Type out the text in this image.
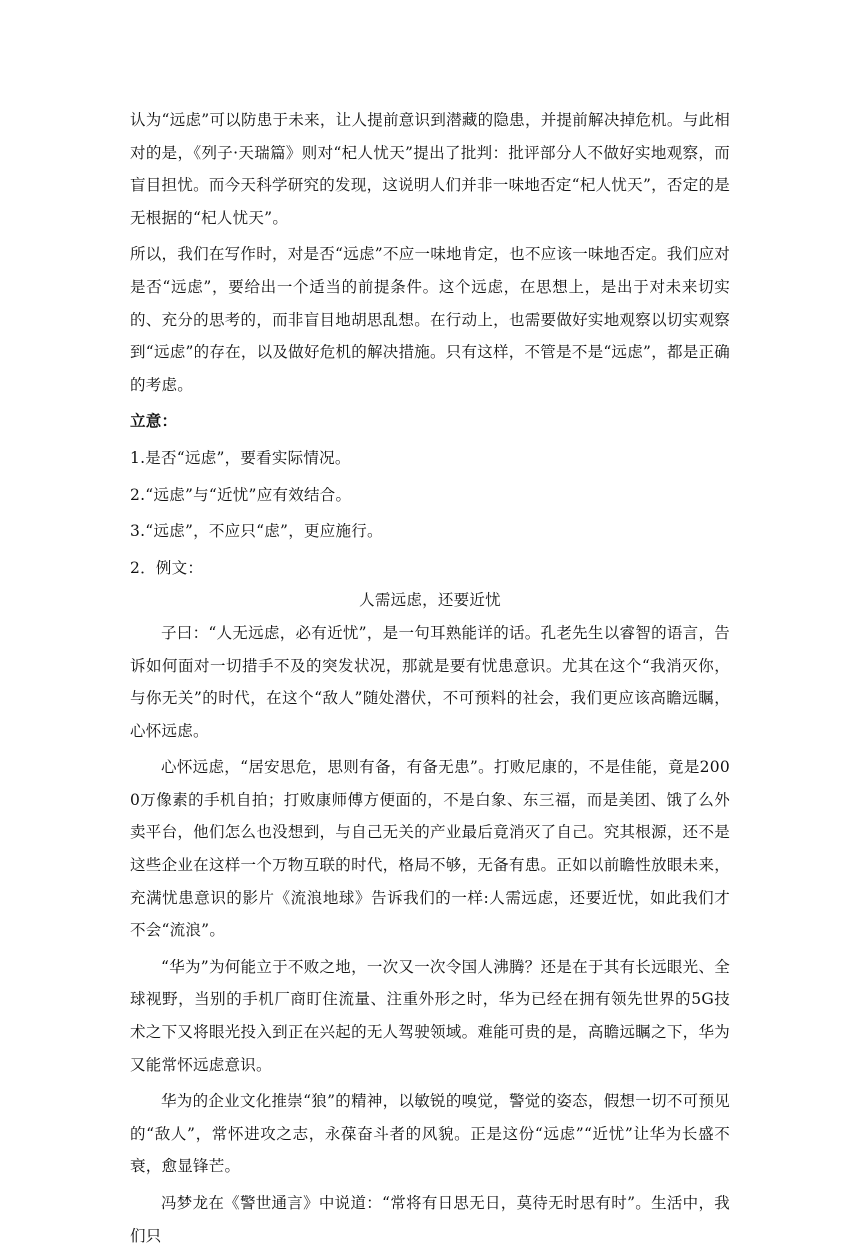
认为“远虑”可以防患于未来，让人提前意识到潜藏的隐患，并提前解决掉危机。与此相对的是，《列子·天瑞篇》则对“杞人忧天”提出了批判：批评部分人不做好实地观察，而盲目担忧。而今天科学研究的发现，这说明人们并非一味地否定“杞人忧天”，否定的是无根据的“杞人忧天”。

所以，我们在写作时，对是否“远虑”不应一味地肯定，也不应该一味地否定。我们应对是否“远虑”，要给出一个适当的前提条件。这个远虑，在思想上，是出于对未来切实的、充分的思考的，而非盲目地胡思乱想。在行动上，也需要做好实地观察以切实观察到“远虑”的存在，以及做好危机的解决措施。只有这样，不管是不是“远虑”，都是正确的考虑。

立意：

1.是否“远虑”，要看实际情况。

2.“远虑”与“近忧”应有效结合。

3.“远虑”，不应只“虑”，更应施行。

2．例文：

人需远虑，还要近忧

子曰：“人无远虑，必有近忧”，是一句耳熟能详的话。孔老先生以睿智的语言，告诉如何面对一切措手不及的突发状况，那就是要有忧患意识。尤其在这个“我消灭你，与你无关”的时代，在这个“敌人”随处潜伏，不可预料的社会，我们更应该高瞻远瞩，心怀远虑。

心怀远虑，“居安思危，思则有备，有备无患”。打败尼康的，不是佳能，竟是2000万像素的手机自拍；打败康师傅方便面的，不是白象、东三福，而是美团、饿了么外卖平台，他们怎么也没想到，与自己无关的产业最后竟消灭了自己。究其根源，还不是这些企业在这样一个万物互联的时代，格局不够，无备有患。正如以前瞻性放眼未来，充满忧患意识的影片《流浪地球》告诉我们的一样:人需远虑，还要近忧，如此我们才不会“流浪”。

“华为”为何能立于不败之地，一次又一次令国人沸腾？还是在于其有长远眼光、全球视野，当别的手机厂商盯住流量、注重外形之时，华为已经在拥有领先世界的5G技术之下又将眼光投入到正在兴起的无人驾驶领域。难能可贵的是，高瞻远瞩之下，华为又能常怀远虑意识。

华为的企业文化推崇“狼”的精神，以敏锐的嗅觉，警觉的姿态，假想一切不可预见的“敌人”，常怀进攻之志，永葆奋斗者的风貌。正是这份“远虑”“近忧”让华为长盛不衰，愈显锋芒。

冯梦龙在《警世通言》中说道：“常将有日思无日，莫待无时思有时”。生活中，我们只
